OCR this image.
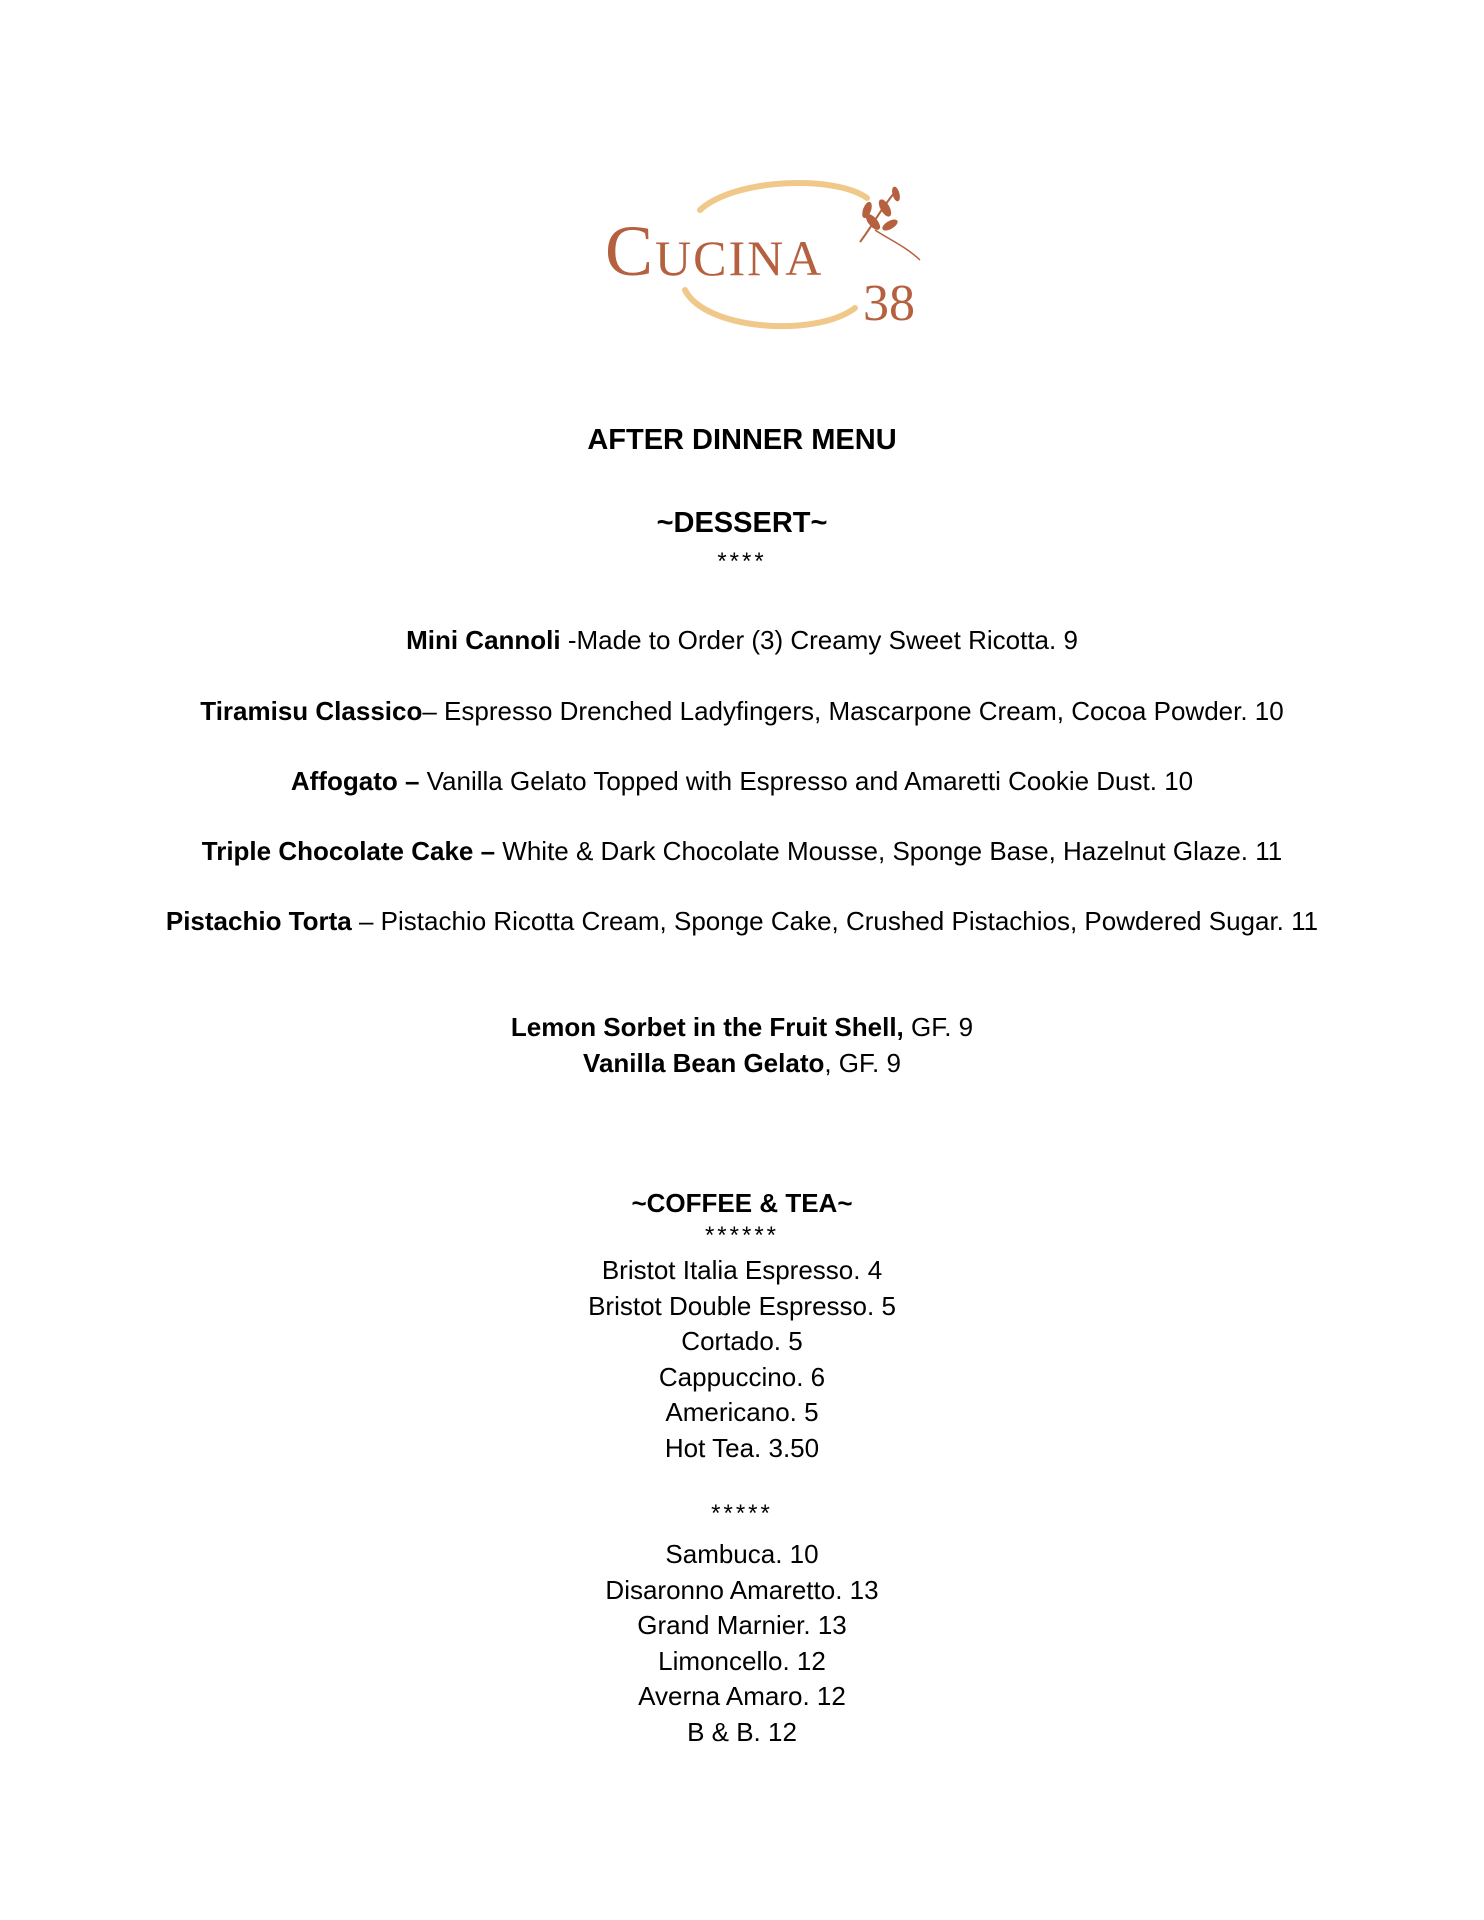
Cucina
38
AFTER DINNER MENU
~DESSERT~
****
Mini Cannoli -Made to Order (3) Creamy Sweet Ricotta. 9
Tiramisu Classico– Espresso Drenched Ladyfingers, Mascarpone Cream, Cocoa Powder. 10
Affogato – Vanilla Gelato Topped with Espresso and Amaretti Cookie Dust. 10
Triple Chocolate Cake – White & Dark Chocolate Mousse, Sponge Base, Hazelnut Glaze. 11
Pistachio Torta – Pistachio Ricotta Cream, Sponge Cake, Crushed Pistachios, Powdered Sugar. 11
Lemon Sorbet in the Fruit Shell, GF. 9
Vanilla Bean Gelato, GF. 9
~COFFEE & TEA~
******
Bristot Italia Espresso. 4
Bristot Double Espresso. 5
Cortado. 5
Cappuccino. 6
Americano. 5
Hot Tea. 3.50
*****
Sambuca. 10
Disaronno Amaretto. 13
Grand Marnier. 13
Limoncello. 12
Averna Amaro. 12
B & B. 12
